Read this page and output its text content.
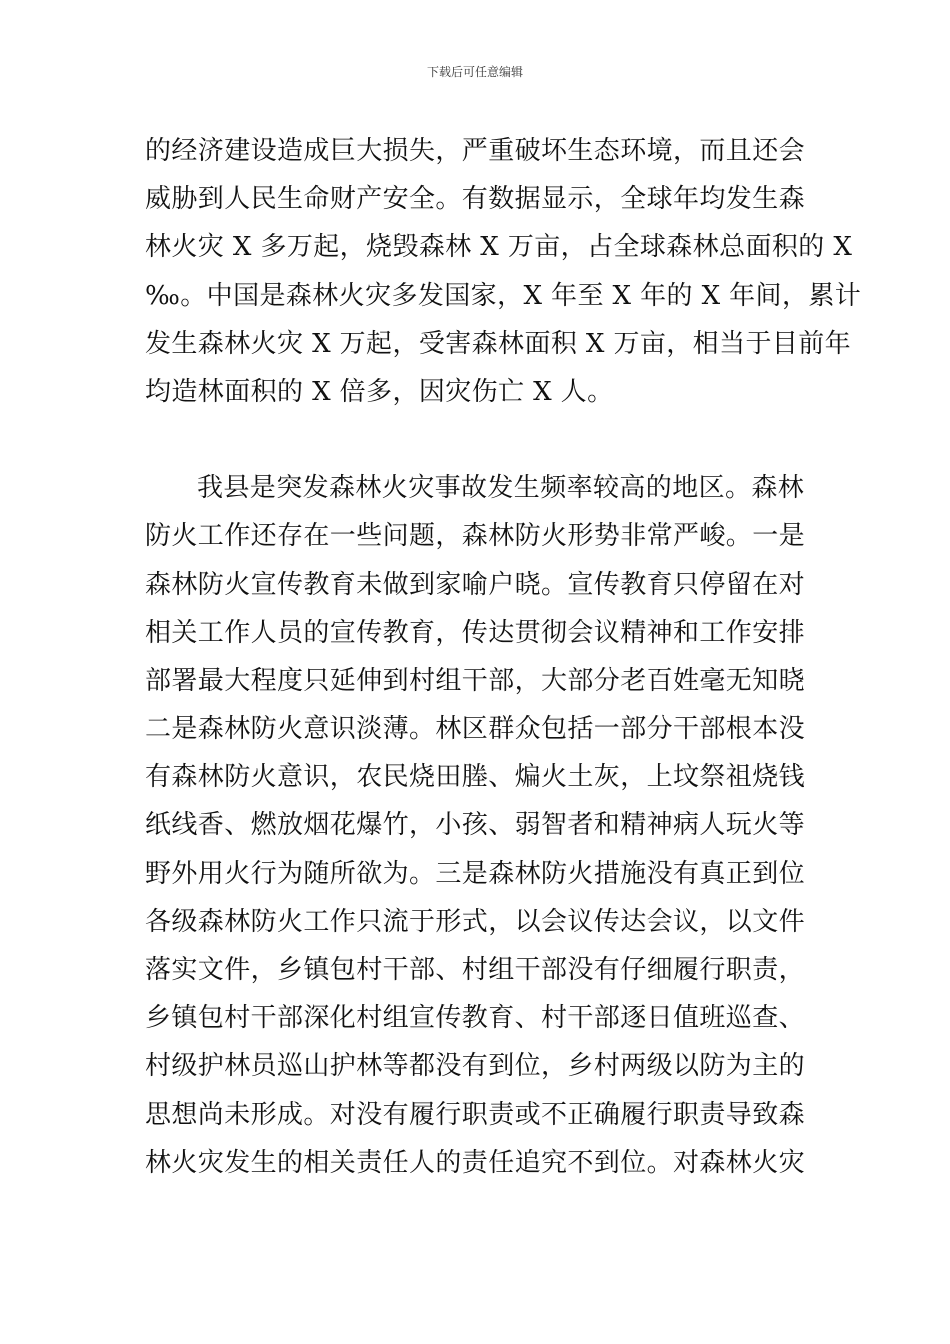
下载后可任意编辑
的经济建设造成巨大损失，严重破坏生态环境，而且还会
威胁到人民生命财产安全。有数据显示，全球年均发生森
林火灾 X 多万起，烧毁森林 X 万亩，占全球森林总面积的 X
‰。中国是森林火灾多发国家，X 年至 X 年的 X 年间，累计
发生森林火灾 X 万起，受害森林面积 X 万亩，相当于目前年
均造林面积的 X 倍多，因灾伤亡 X 人。
我县是突发森林火灾事故发生频率较高的地区。森林
防火工作还存在一些问题，森林防火形势非常严峻。一是
森林防火宣传教育未做到家喻户晓。宣传教育只停留在对
相关工作人员的宣传教育，传达贯彻会议精神和工作安排
部署最大程度只延伸到村组干部，大部分老百姓毫无知晓
二是森林防火意识淡薄。林区群众包括一部分干部根本没
有森林防火意识，农民烧田塍、煸火土灰，上坟祭祖烧钱
纸线香、燃放烟花爆竹，小孩、弱智者和精神病人玩火等
野外用火行为随所欲为。三是森林防火措施没有真正到位
各级森林防火工作只流于形式，以会议传达会议，以文件
落实文件，乡镇包村干部、村组干部没有仔细履行职责，
乡镇包村干部深化村组宣传教育、村干部逐日值班巡查、
村级护林员巡山护林等都没有到位，乡村两级以防为主的
思想尚未形成。对没有履行职责或不正确履行职责导致森
林火灾发生的相关责任人的责任追究不到位。对森林火灾
